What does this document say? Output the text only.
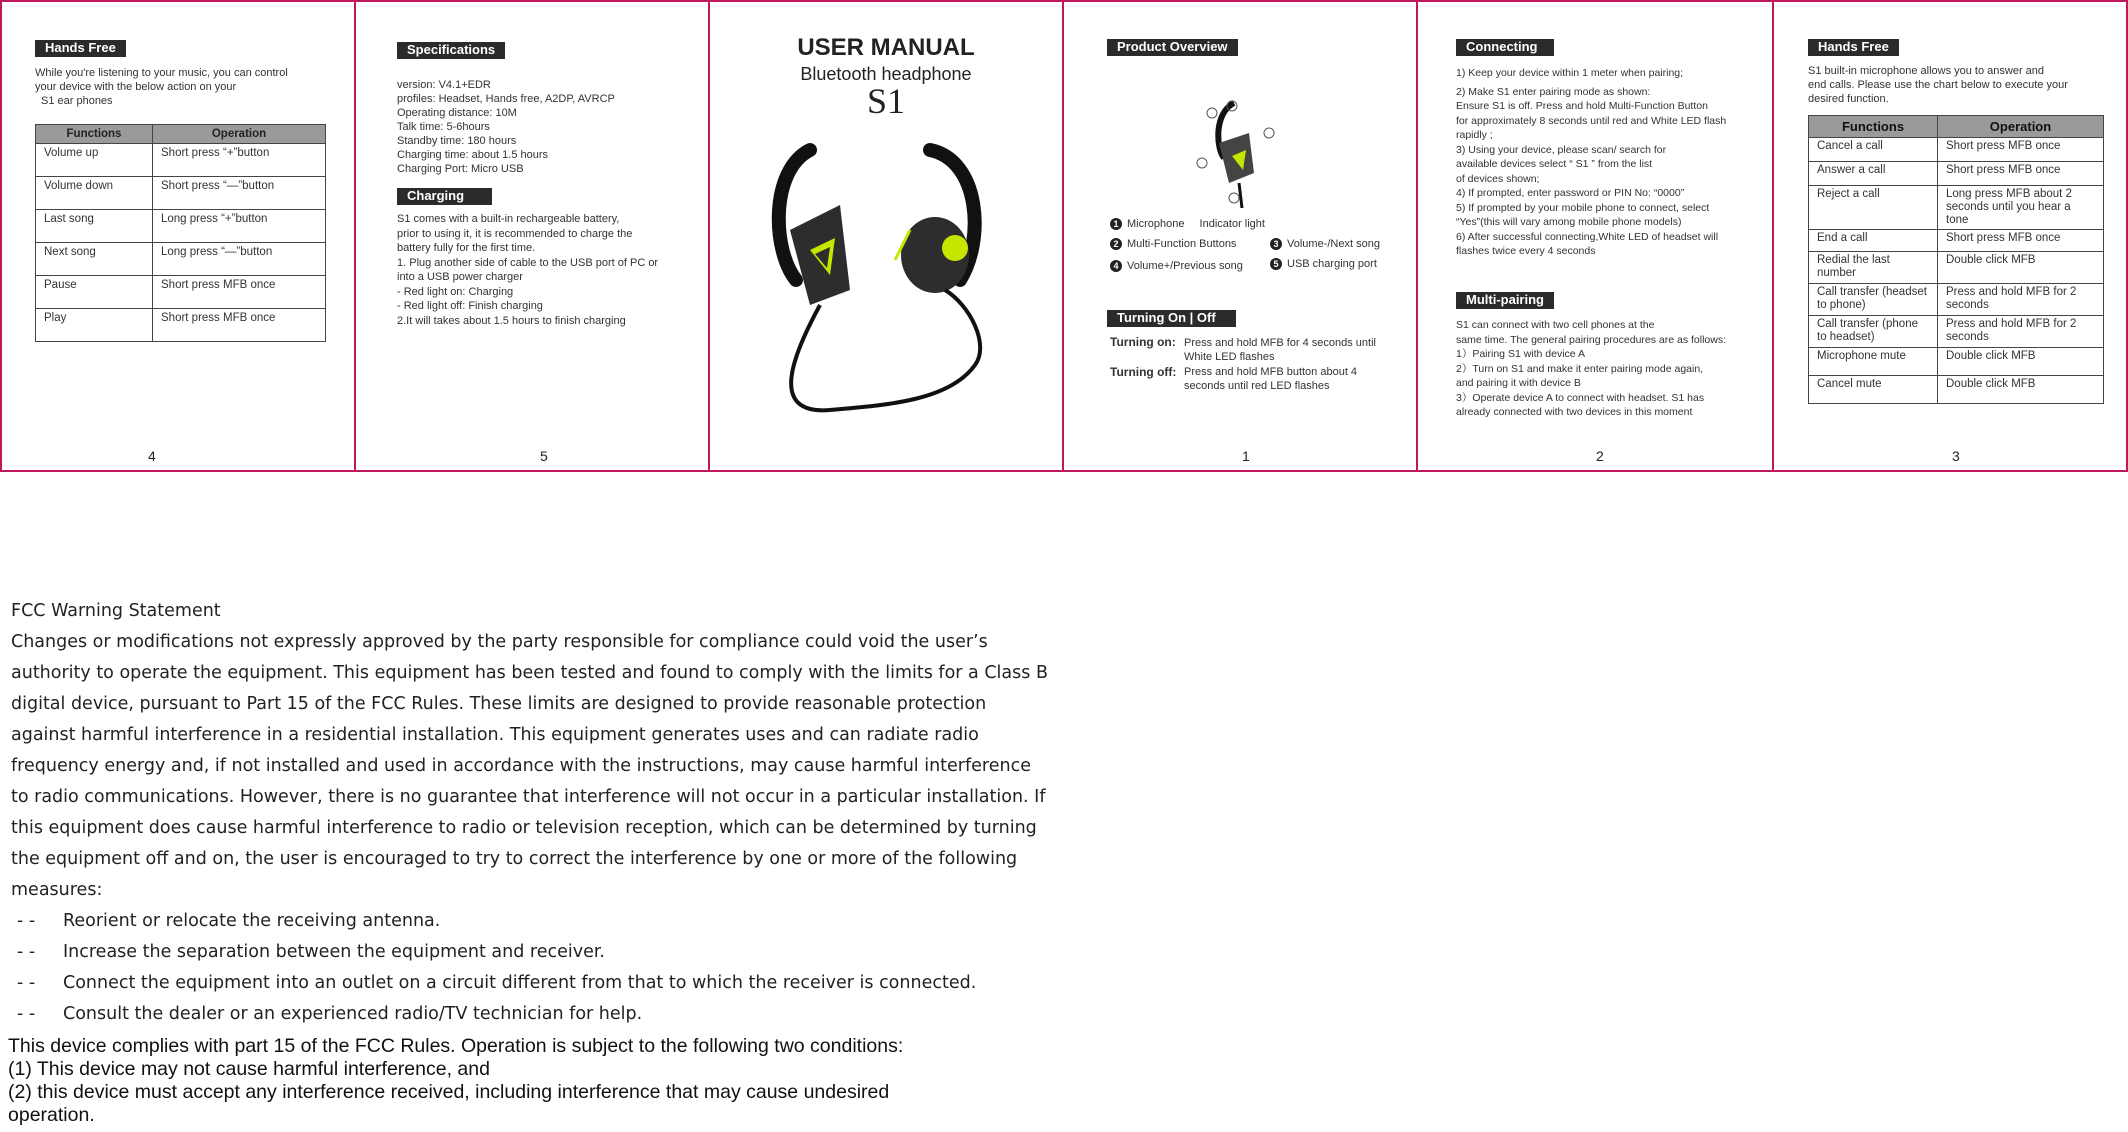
Hands Free
While you're listening to your music, you can control your device with the below action on your
S1 ear phones
Functions	Operation
Volume up	Short press “+”button
Volume down	Short press “—”button
Last song	Long press “+”button
Next song	Long press “—”button
Pause	Short press MFB once
Play	Short press MFB once
4
Specifications
version: V4.1+EDR
profiles: Headset, Hands free, A2DP, AVRCP
Operating distance: 10M
Talk time: 5-6hours
Standby time: 180 hours
Charging time: about 1.5 hours
Charging Port: Micro USB
Charging
S1 comes with a built-in rechargeable battery,
prior to using it, it is recommended to charge the
battery fully for the first time.
1. Plug another side of cable to the USB port of PC or
into a USB power charger
- Red light on: Charging
- Red light off: Finish charging
2.It will takes about 1.5 hours to finish charging
5
USER MANUAL
Bluetooth headphone
S1
Product Overview
1 Microphone Indicator light
2 Multi-Function Buttons	3 Volume-/Next song
4 Volume+/Previous song	5 USB charging port
Turning On | Off
Turning on: Press and hold MFB for 4 seconds until
White LED flashes
Turning off: Press and hold MFB button about 4
seconds until red LED flashes
1
Connecting
1) Keep your device within 1 meter when pairing;
2) Make S1 enter pairing mode as shown:
Ensure S1 is off. Press and hold Multi-Function Button
for approximately 8 seconds until red and White LED flash
rapidly ;
3) Using your device, please scan/ search for
available devices select “ S1 ” from the list
of devices shown;
4) If prompted, enter password or PIN No: “0000”
5) If prompted by your mobile phone to connect, select
“Yes”(this will vary among mobile phone models)
6) After successful connecting,White LED of headset will
flashes twice every 4 seconds
Multi-pairing
S1 can connect with two cell phones at the
same time. The general pairing procedures are as follows:
1）Pairing S1 with device A
2）Turn on S1 and make it enter pairing mode again,
and pairing it with device B
3）Operate device A to connect with headset. S1 has
already connected with two devices in this moment
2
Hands Free
S1 built-in microphone allows you to answer and
end calls. Please use the chart below to execute your
desired function.
Functions	Operation
Cancel a call	Short press MFB once
Answer a call	Short press MFB once
Reject a call	Long press MFB about 2 seconds until you hear a tone
End a call	Short press MFB once
Redial the last number	Double click MFB
Call transfer (headset to phone)	Press and hold MFB for 2 seconds
Call transfer (phone to headset)	Press and hold MFB for 2 seconds
Microphone mute	Double click MFB
Cancel mute	Double click MFB
3

FCC Warning Statement

Changes or modifications not expressly approved by the party responsible for compliance could void the user’s authority to operate the equipment. This equipment has been tested and found to comply with the limits for a Class B digital device, pursuant to Part 15 of the FCC Rules. These limits are designed to provide reasonable protection against harmful interference in a residential installation. This equipment generates uses and can radiate radio frequency energy and, if not installed and used in accordance with the instructions, may cause harmful interference to radio communications. However, there is no guarantee that interference will not occur in a particular installation. If this equipment does cause harmful interference to radio or television reception, which can be determined by turning the equipment off and on, the user is encouraged to try to correct the interference by one or more of the following measures:

- - Reorient or relocate the receiving antenna.

- - Increase the separation between the equipment and receiver.

- - Connect the equipment into an outlet on a circuit different from that to which the receiver is connected.

- - Consult the dealer or an experienced radio/TV technician for help.

This device complies with part 15 of the FCC Rules. Operation is subject to the following two conditions:

(1) This device may not cause harmful interference, and

(2) this device must accept any interference received, including interference that may cause undesired

operation.
